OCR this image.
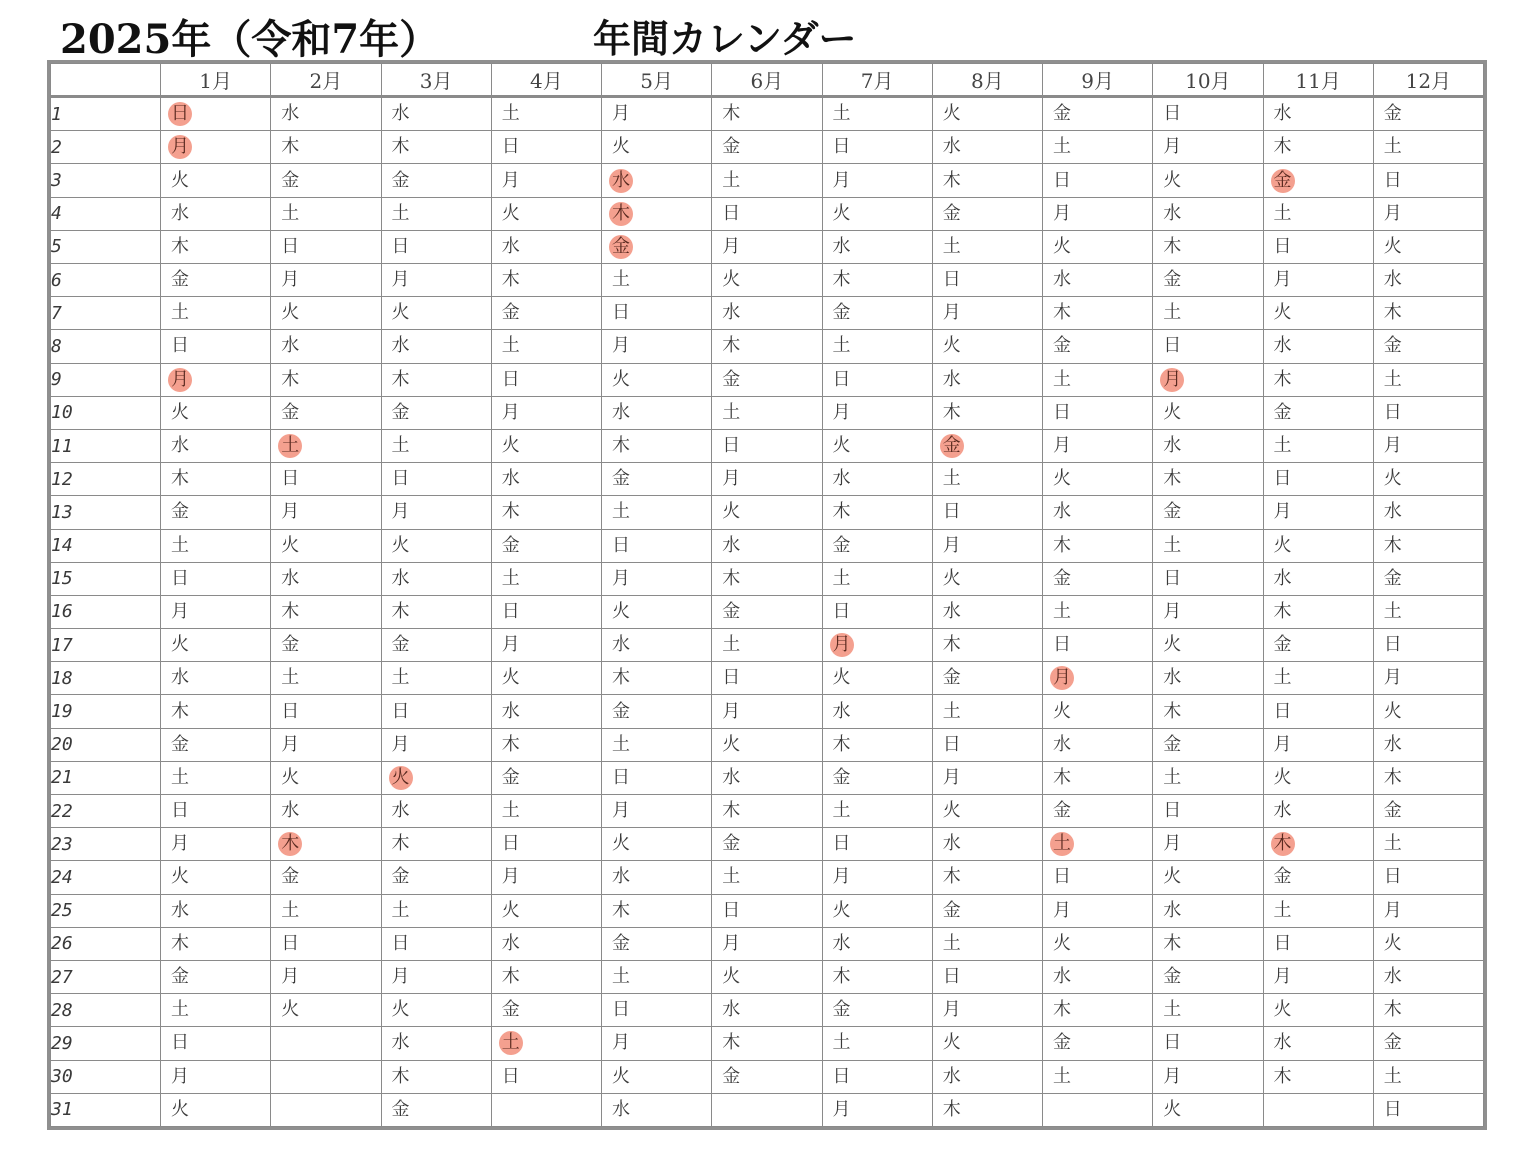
2025年（令和7年）	年間カレンダー
	1月	2月	3月	4月	5月	6月	7月	8月	9月	10月	11月	12月
1	日	水	水	土	月	木	土	火	金	日	水	金
2	月	木	木	日	火	金	日	水	土	月	木	土
3	火	金	金	月	水	土	月	木	日	火	金	日
4	水	土	土	火	木	日	火	金	月	水	土	月
5	木	日	日	水	金	月	水	土	火	木	日	火
6	金	月	月	木	土	火	木	日	水	金	月	水
7	土	火	火	金	日	水	金	月	木	土	火	木
8	日	水	水	土	月	木	土	火	金	日	水	金
9	月	木	木	日	火	金	日	水	土	月	木	土
10	火	金	金	月	水	土	月	木	日	火	金	日
11	水	土	土	火	木	日	火	金	月	水	土	月
12	木	日	日	水	金	月	水	土	火	木	日	火
13	金	月	月	木	土	火	木	日	水	金	月	水
14	土	火	火	金	日	水	金	月	木	土	火	木
15	日	水	水	土	月	木	土	火	金	日	水	金
16	月	木	木	日	火	金	日	水	土	月	木	土
17	火	金	金	月	水	土	月	木	日	火	金	日
18	水	土	土	火	木	日	火	金	月	水	土	月
19	木	日	日	水	金	月	水	土	火	木	日	火
20	金	月	月	木	土	火	木	日	水	金	月	水
21	土	火	火	金	日	水	金	月	木	土	火	木
22	日	水	水	土	月	木	土	火	金	日	水	金
23	月	木	木	日	火	金	日	水	土	月	木	土
24	火	金	金	月	水	土	月	木	日	火	金	日
25	水	土	土	火	木	日	火	金	月	水	土	月
26	木	日	日	水	金	月	水	土	火	木	日	火
27	金	月	月	木	土	火	木	日	水	金	月	水
28	土	火	火	金	日	水	金	月	木	土	火	木
29	日		水	土	月	木	土	火	金	日	水	金
30	月		木	日	火	金	日	水	土	月	木	土
31	火		金		水		月	木		火		日
